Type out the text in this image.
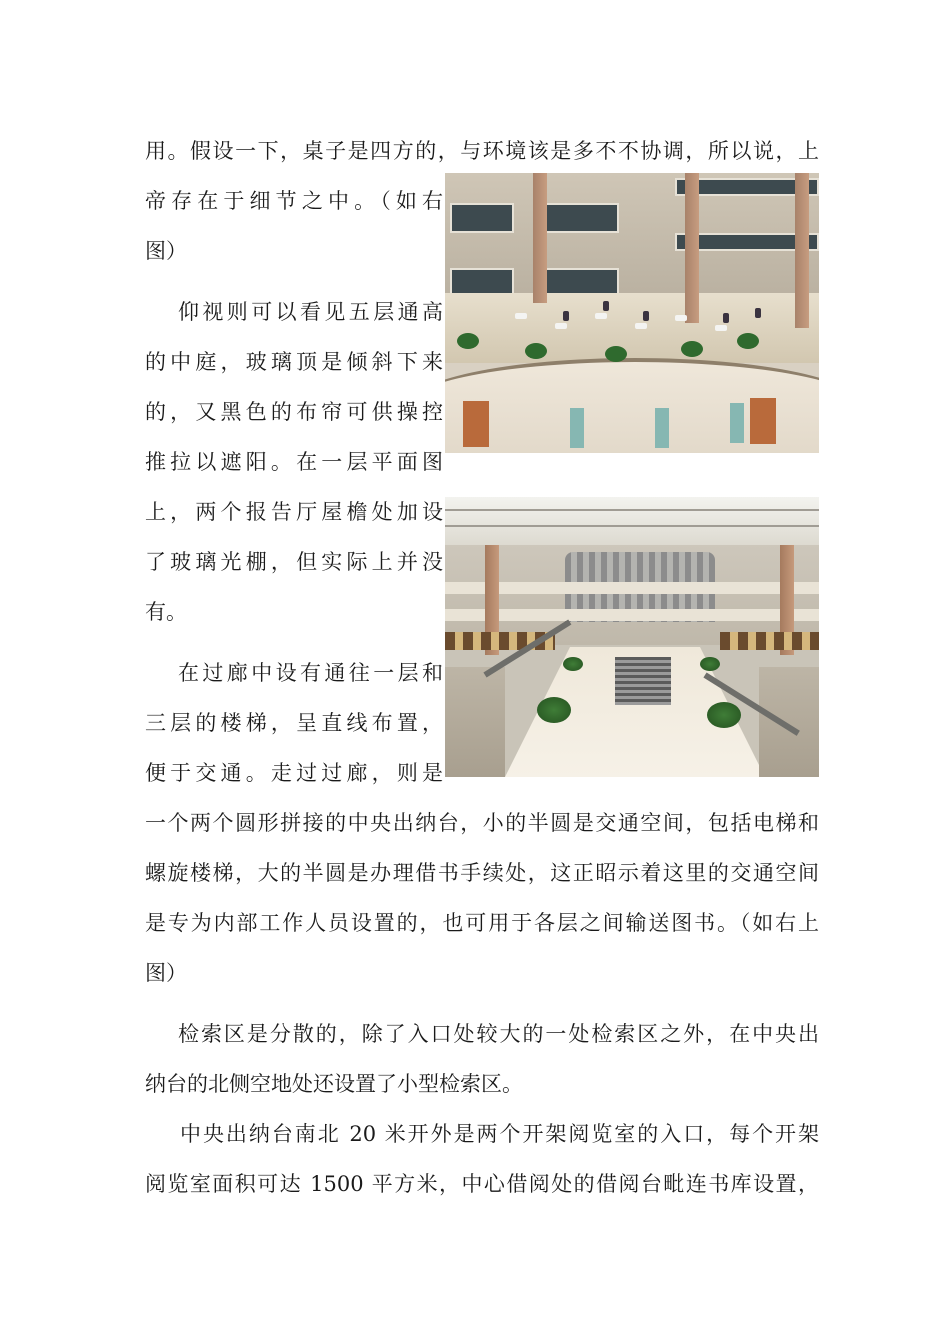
用。假设一下，桌子是四方的，与环境该是多不不协调，所以说，上
帝存在于细节之中。（如右
图）
仰视则可以看见五层通高
的中庭，玻璃顶是倾斜下来
的，又黑色的布帘可供操控
推拉以遮阳。在一层平面图
上，两个报告厅屋檐处加设
了玻璃光棚，但实际上并没
有。
在过廊中设有通往一层和
三层的楼梯，呈直线布置，
便于交通。走过过廊，则是
一个两个圆形拼接的中央出纳台，小的半圆是交通空间，包括电梯和
螺旋楼梯，大的半圆是办理借书手续处，这正昭示着这里的交通空间
是专为内部工作人员设置的，也可用于各层之间输送图书。（如右上
图）
检索区是分散的，除了入口处较大的一处检索区之外，在中央出
纳台的北侧空地处还设置了小型检索区。
中央出纳台南北 20 米开外是两个开架阅览室的入口，每个开架
阅览室面积可达 1500 平方米，中心借阅处的借阅台毗连书库设置，
